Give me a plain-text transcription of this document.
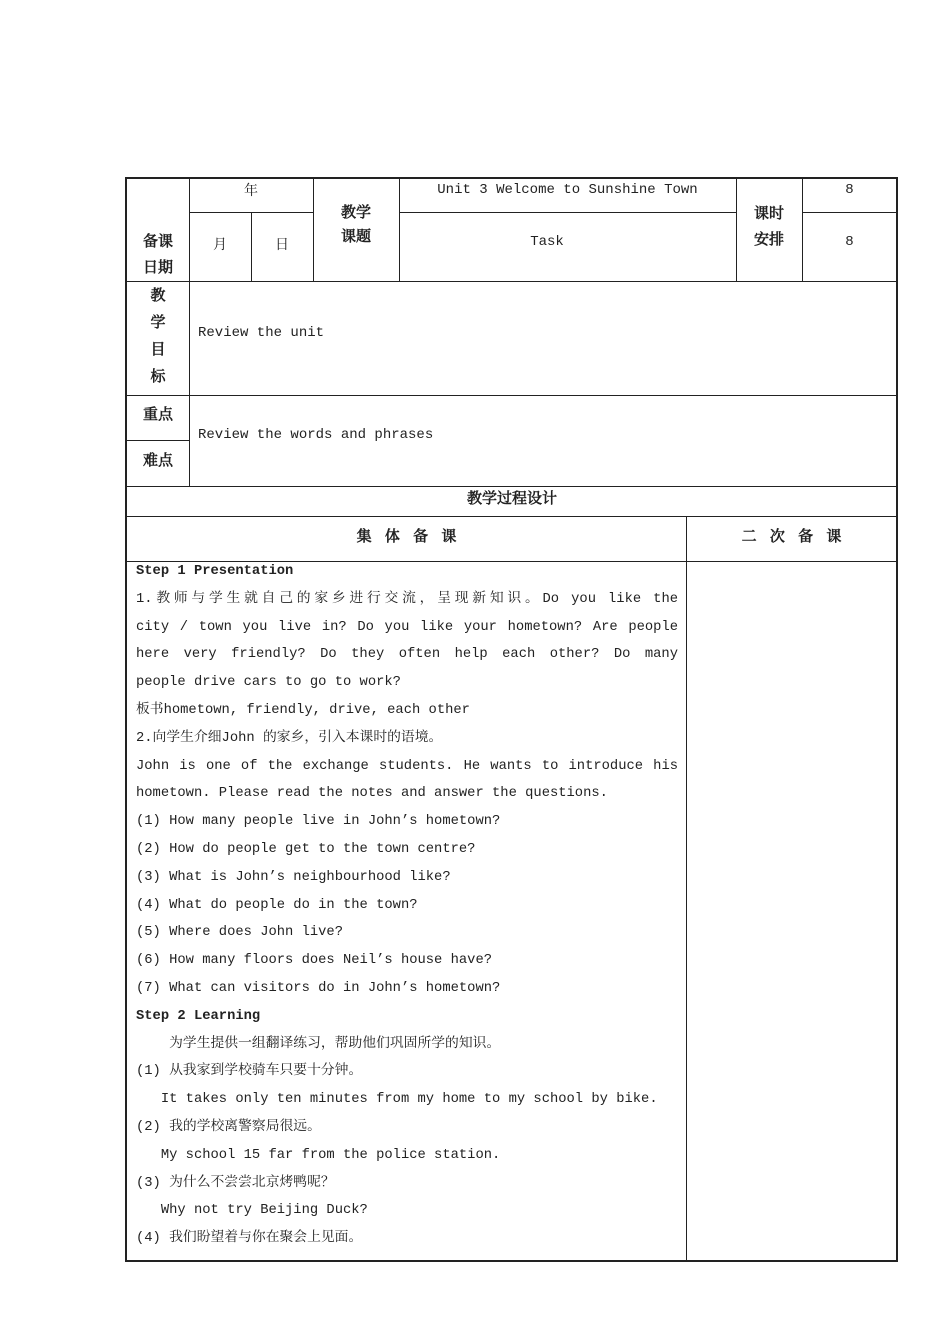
备课日期
年
月	日
教学课题
Unit 3 Welcome to Sunshine Town
Task
课时安排
8
8
教
学
目
标
Review the unit
重点
难点
Review the words and phrases
教学过程设计
集 体 备 课	二 次 备 课
Step 1 Presentation
1.教师与学生就自己的家乡进行交流，呈现新知识。Do you like the
city / town you live in? Do you like your hometown? Are people
here very friendly? Do they often help each other? Do many
people drive cars to go to work?
板书hometown, friendly, drive, each other
2.向学生介细John 的家乡，引入本课时的语境。
John is one of the exchange students. He wants to introduce his
hometown. Please read the notes and answer the questions.
(1) How many people live in John’s hometown?
(2) How do people get to the town centre?
(3) What is John’s neighbourhood like?
(4) What do people do in the town?
(5) Where does John live?
(6) How many floors does Neil’s house have?
(7) What can visitors do in John’s hometown?
Step 2 Learning
为学生提供一组翻译练习，帮助他们巩固所学的知识。
(1) 从我家到学校骑车只要十分钟。
It takes only ten minutes from my home to my school by bike.
(2) 我的学校离警察局很远。
My school 15 far from the police station.
(3) 为什么不尝尝北京烤鸭呢？
Why not try Beijing Duck?
(4) 我们盼望着与你在聚会上见面。
